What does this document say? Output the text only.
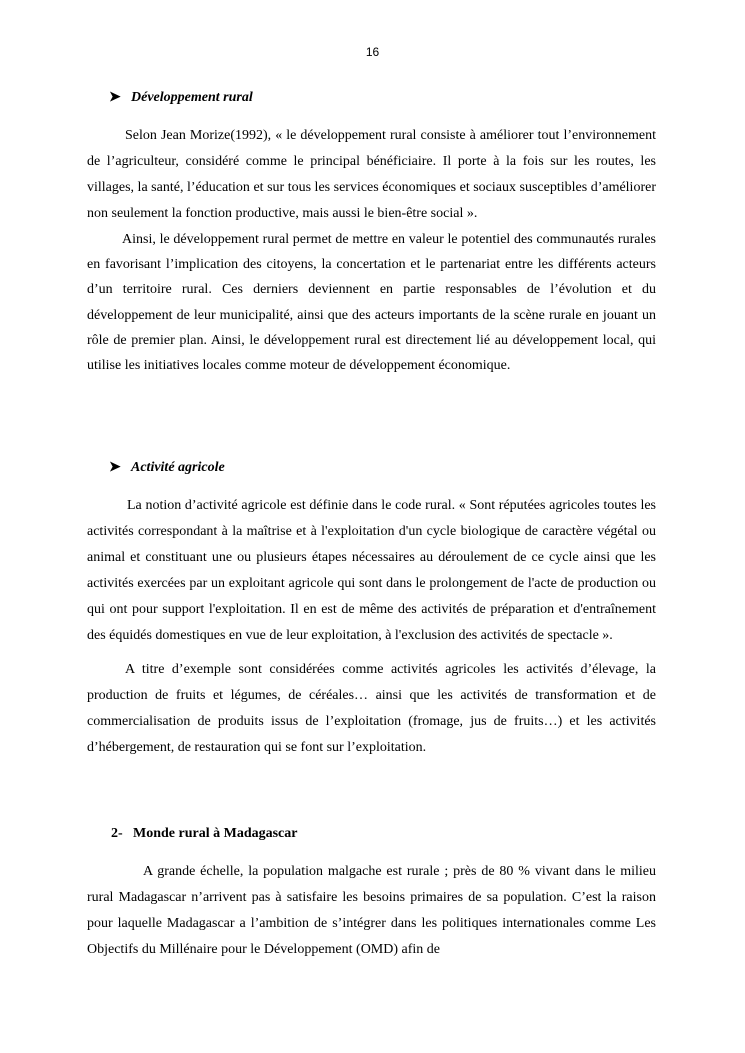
16
➤ Développement rural

Selon Jean Morize(1992), « le développement rural consiste à améliorer tout l’environnement de l’agriculteur, considéré comme le principal bénéficiaire. Il porte à la fois sur les routes, les villages, la santé, l’éducation et sur tous les services économiques et sociaux susceptibles d’améliorer non seulement la fonction productive, mais aussi le bien-être social ».

Ainsi, le développement rural permet de mettre en valeur le potentiel des communautés rurales en favorisant l’implication des citoyens, la concertation et le partenariat entre les différents acteurs d’un territoire rural. Ces derniers deviennent en partie responsables de l’évolution et du développement de leur municipalité, ainsi que des acteurs importants de la scène rurale en jouant un rôle de premier plan. Ainsi, le développement rural est directement lié au développement local, qui utilise les initiatives locales comme moteur de développement économique.

➤ Activité agricole

La notion d’activité agricole est définie dans le code rural. « Sont réputées agricoles toutes les activités correspondant à la maîtrise et à l'exploitation d'un cycle biologique de caractère végétal ou animal et constituant une ou plusieurs étapes nécessaires au déroulement de ce cycle ainsi que les activités exercées par un exploitant agricole qui sont dans le prolongement de l'acte de production ou qui ont pour support l'exploitation. Il en est de même des activités de préparation et d'entraînement des équidés domestiques en vue de leur exploitation, à l'exclusion des activités de spectacle ».

A titre d’exemple sont considérées comme activités agricoles les activités d’élevage, la production de fruits et légumes, de céréales… ainsi que les activités de transformation et de commercialisation de produits issus de l’exploitation (fromage, jus de fruits…) et les activités d’hébergement, de restauration qui se font sur l’exploitation.

2- Monde rural à Madagascar

A grande échelle, la population malgache est rurale ; près de 80 % vivant dans le milieu rural Madagascar n’arrivent pas à satisfaire les besoins primaires de sa population. C’est la raison pour laquelle Madagascar a l’ambition de s’intégrer dans les politiques internationales comme Les Objectifs du Millénaire pour le Développement (OMD) afin de
